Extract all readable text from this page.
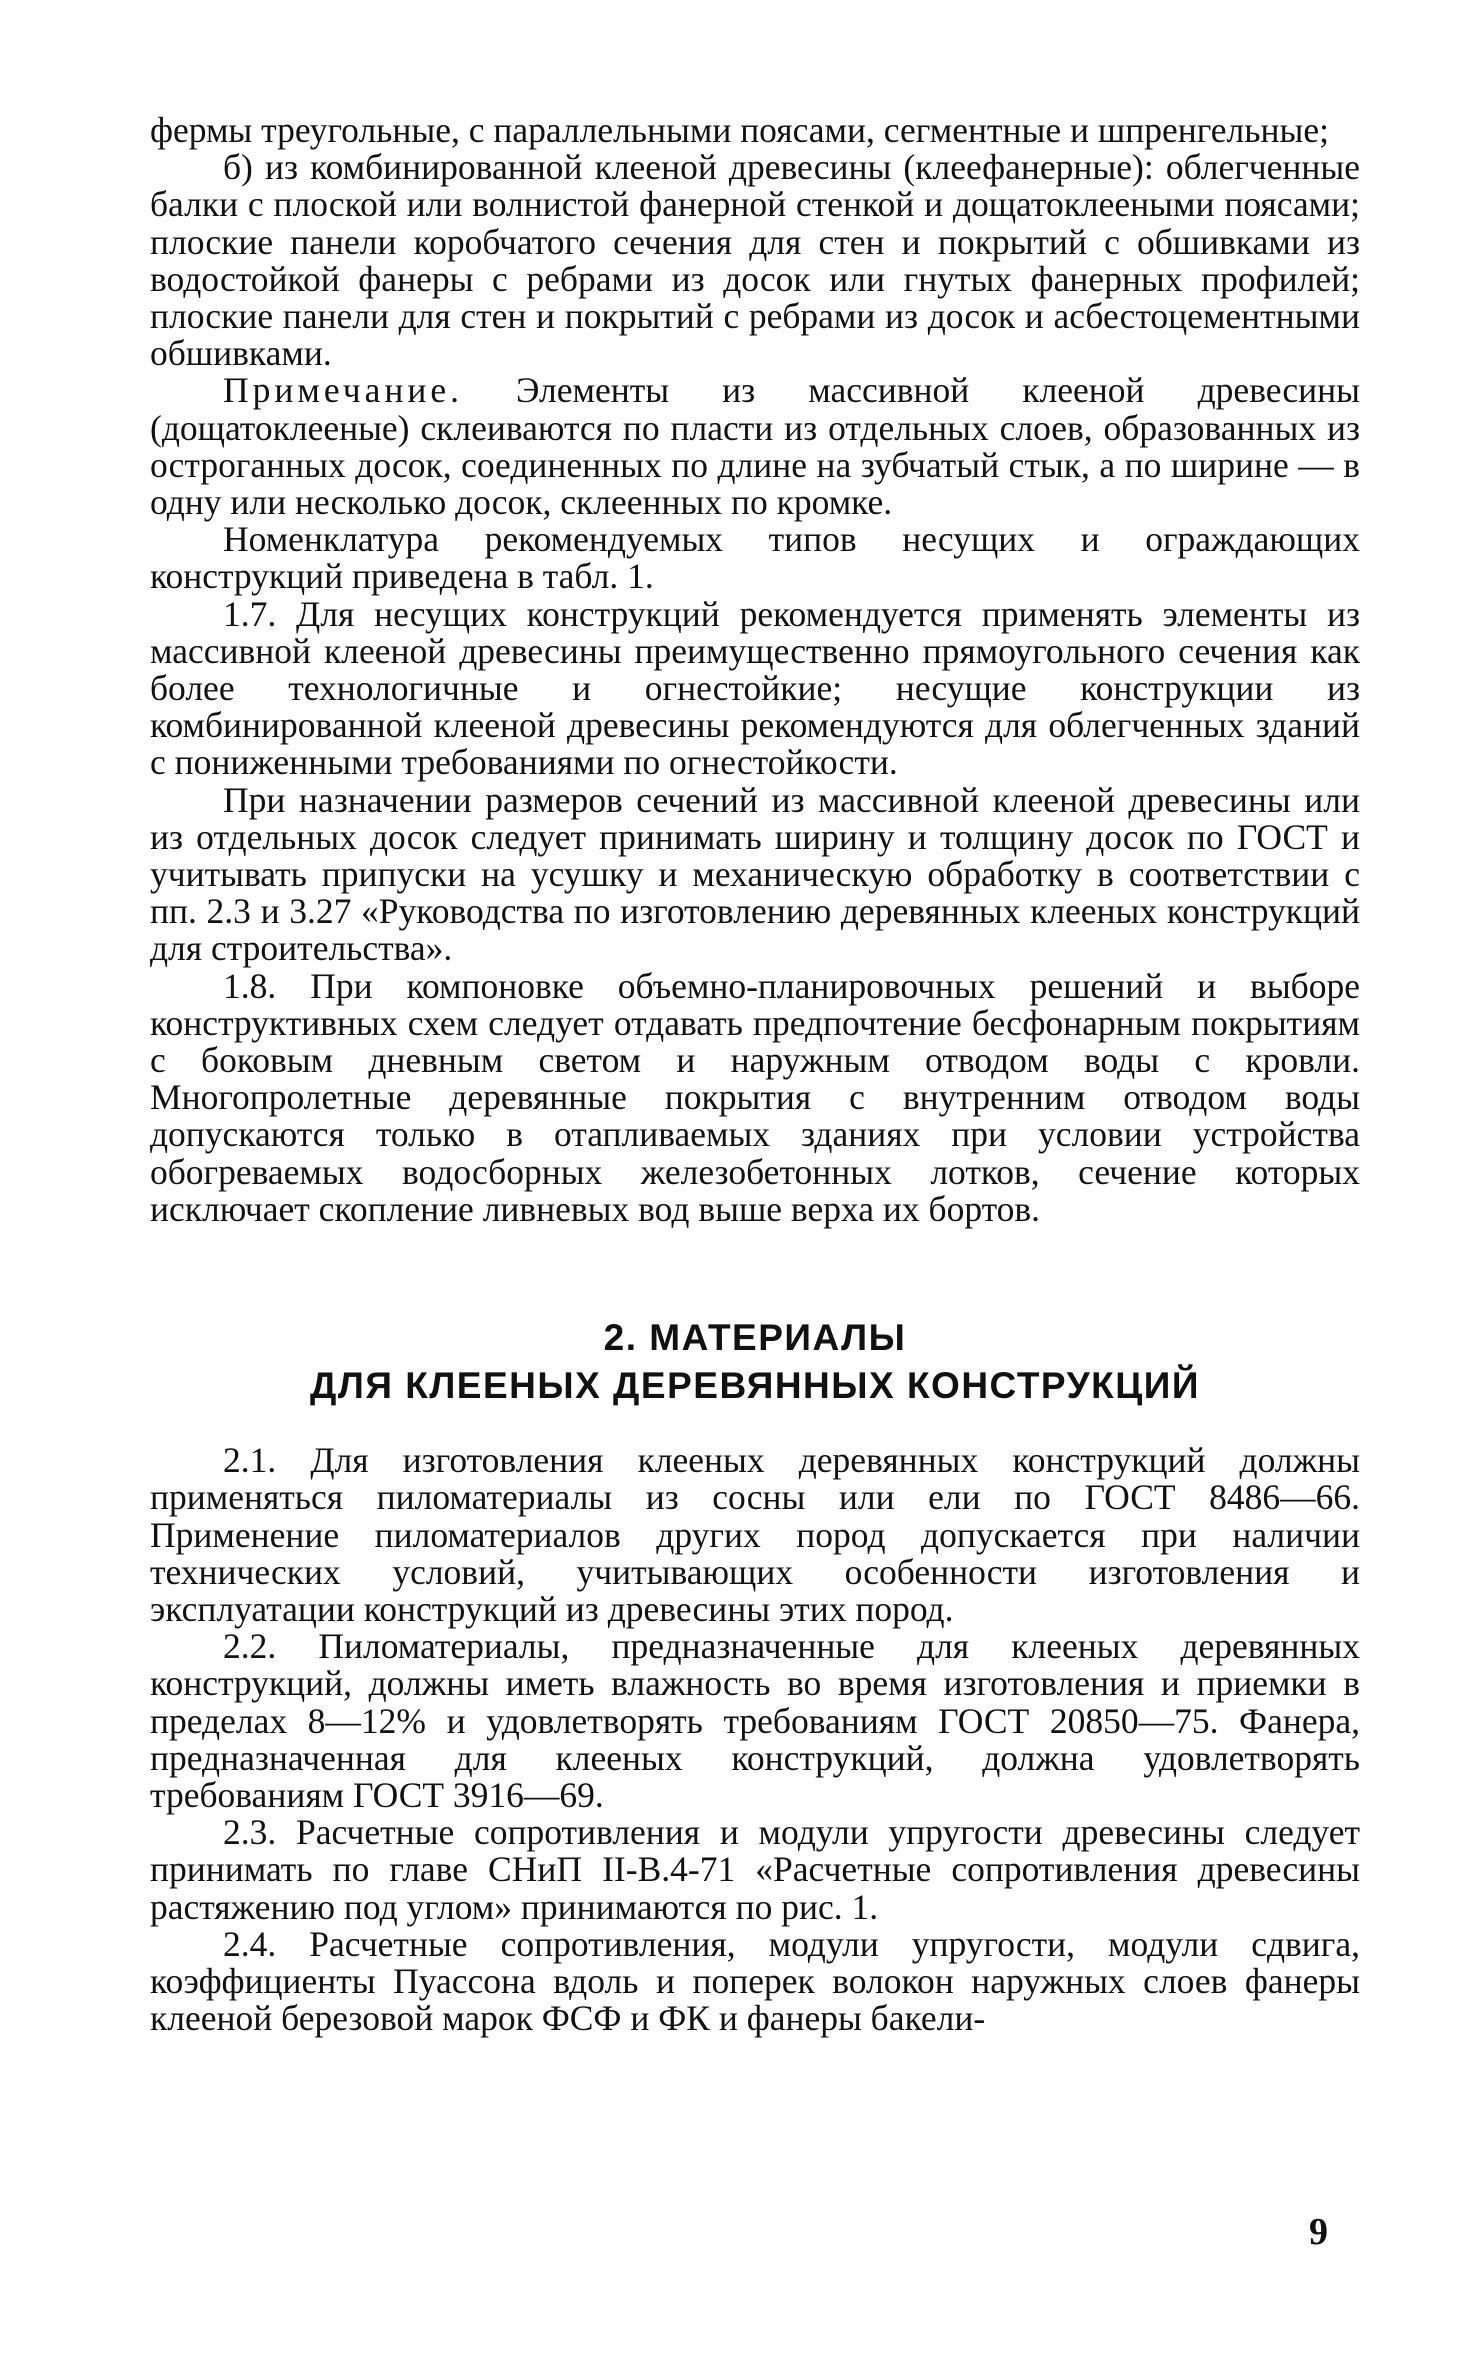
фермы треугольные, с параллельными поясами, сегментные и шпренгельные;

б) из комбинированной клееной древесины (клеефанерные): облегченные балки с плоской или волнистой фанерной стенкой и дощатоклееными поясами; плоские панели коробчатого сечения для стен и покрытий с обшивками из водостойкой фанеры с ребрами из досок или гнутых фанерных профилей; плоские панели для стен и покрытий с ребрами из досок и асбестоцементными обшивками.

Примечание. Элементы из массивной клееной древесины (дощатоклееные) склеиваются по пласти из отдельных слоев, образованных из остроганных досок, соединенных по длине на зубчатый стык, а по ширине — в одну или несколько досок, склеенных по кромке.

Номенклатура рекомендуемых типов несущих и ограждающих конструкций приведена в табл. 1.

1.7. Для несущих конструкций рекомендуется применять элементы из массивной клееной древесины преимущественно прямоугольного сечения как более технологичные и огнестойкие; несущие конструкции из комбинированной клееной древесины рекомендуются для облегченных зданий с пониженными требованиями по огнестойкости.

При назначении размеров сечений из массивной клееной древесины или из отдельных досок следует принимать ширину и толщину досок по ГОСТ и учитывать припуски на усушку и механическую обработку в соответствии с пп. 2.3 и 3.27 «Руководства по изготовлению деревянных клееных конструкций для строительства».

1.8. При компоновке объемно-планировочных решений и выборе конструктивных схем следует отдавать предпочтение бесфонарным покрытиям с боковым дневным светом и наружным отводом воды с кровли. Многопролетные деревянные покрытия с внутренним отводом воды допускаются только в отапливаемых зданиях при условии устройства обогреваемых водосборных железобетонных лотков, сечение которых исключает скопление ливневых вод выше верха их бортов.

2. МАТЕРИАЛЫ
ДЛЯ КЛЕЕНЫХ ДЕРЕВЯННЫХ КОНСТРУКЦИЙ

2.1. Для изготовления клееных деревянных конструкций должны применяться пиломатериалы из сосны или ели по ГОСТ 8486—66. Применение пиломатериалов других пород допускается при наличии технических условий, учитывающих особенности изготовления и эксплуатации конструкций из древесины этих пород.

2.2. Пиломатериалы, предназначенные для клееных деревянных конструкций, должны иметь влажность во время изготовления и приемки в пределах 8—12% и удовлетворять требованиям ГОСТ 20850—75. Фанера, предназначенная для клееных конструкций, должна удовлетворять требованиям ГОСТ 3916—69.

2.3. Расчетные сопротивления и модули упругости древесины следует принимать по главе СНиП II-В.4-71 «Расчетные сопротивления древесины растяжению под углом» принимаются по рис. 1.

2.4. Расчетные сопротивления, модули упругости, модули сдвига, коэффициенты Пуассона вдоль и поперек волокон наружных слоев фанеры клееной березовой марок ФСФ и ФК и фанеры бакели-

9
